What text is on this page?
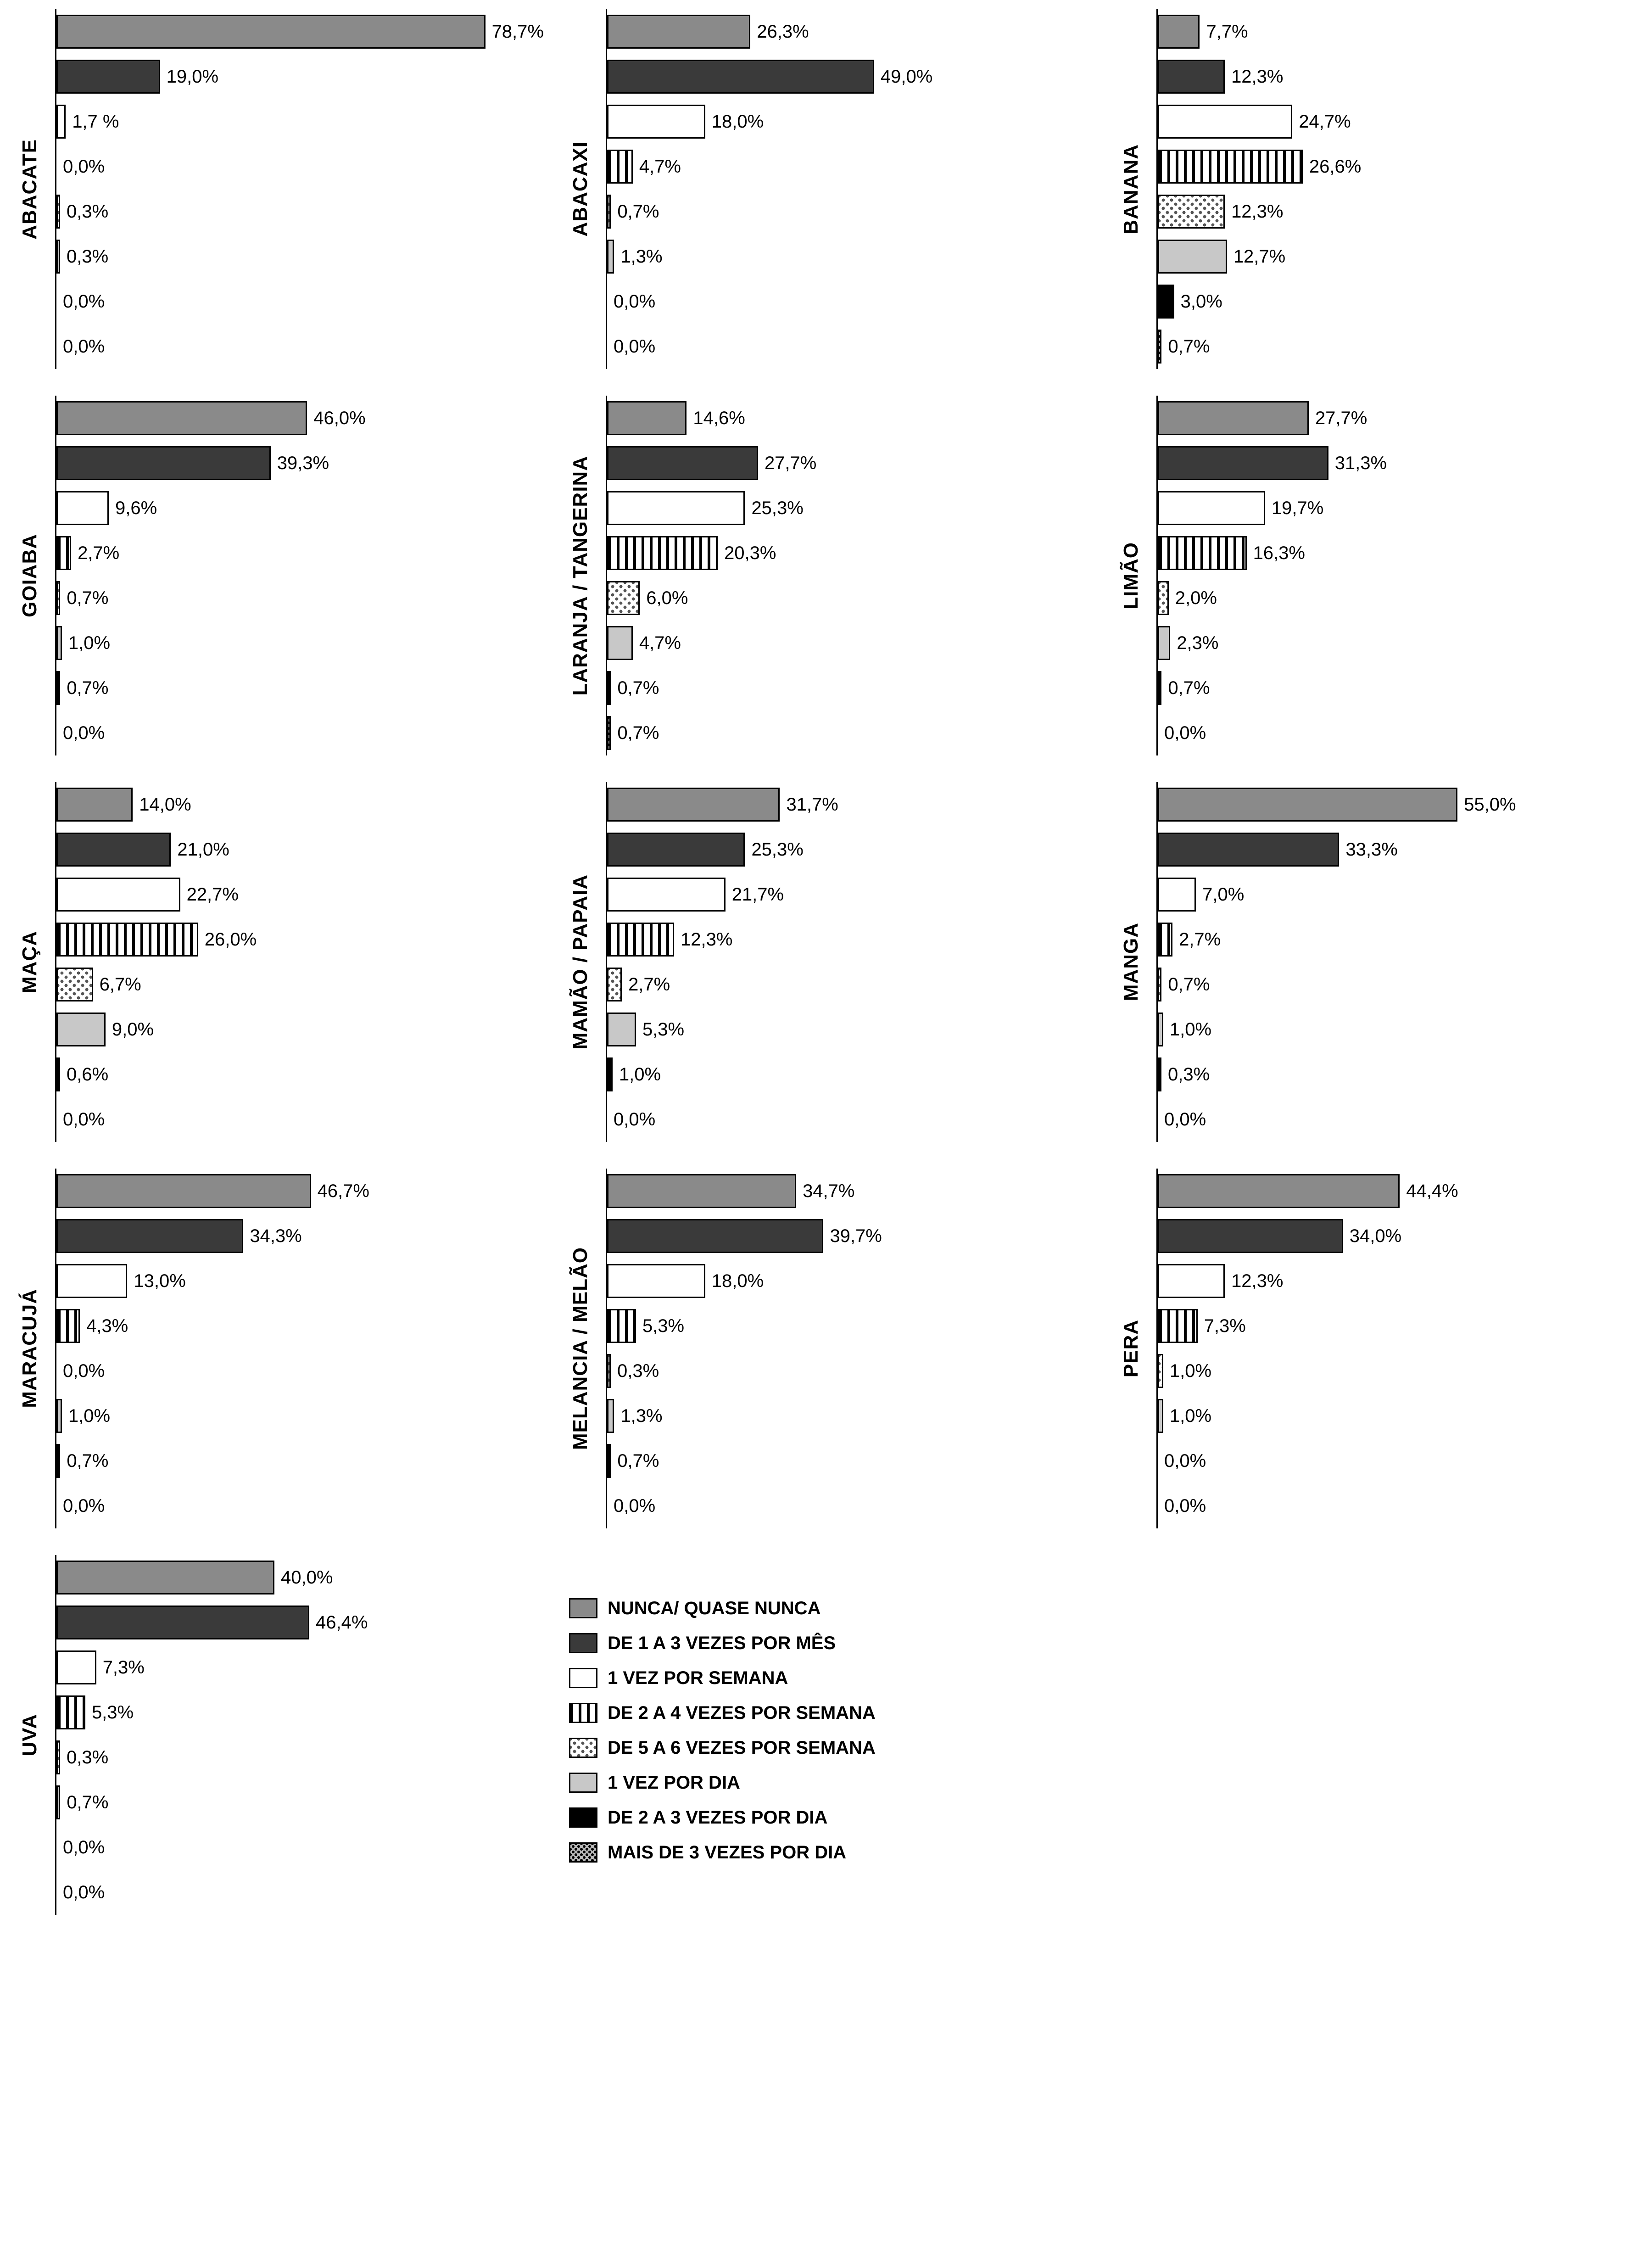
ABACATE
78,7%
19,0%
1,7 %
0,0%
0,3%
0,3%
0,0%
0,0%
ABACAXI
26,3%
49,0%
18,0%
4,7%
0,7%
1,3%
0,0%
0,0%
BANANA
7,7%
12,3%
24,7%
26,6%
12,3%
12,7%
3,0%
0,7%
GOIABA
46,0%
39,3%
9,6%
2,7%
0,7%
1,0%
0,7%
0,0%
LARANJA / TANGERINA
14,6%
27,7%
25,3%
20,3%
6,0%
4,7%
0,7%
0,7%
LIMÃO
27,7%
31,3%
19,7%
16,3%
2,0%
2,3%
0,7%
0,0%
MAÇA
14,0%
21,0%
22,7%
26,0%
6,7%
9,0%
0,6%
0,0%
MAMÃO / PAPAIA
31,7%
25,3%
21,7%
12,3%
2,7%
5,3%
1,0%
0,0%
MANGA
55,0%
33,3%
7,0%
2,7%
0,7%
1,0%
0,3%
0,0%
MARACUJÁ
46,7%
34,3%
13,0%
4,3%
0,0%
1,0%
0,7%
0,0%
MELANCIA / MELÃO
34,7%
39,7%
18,0%
5,3%
0,3%
1,3%
0,7%
0,0%
PERA
44,4%
34,0%
12,3%
7,3%
1,0%
1,0%
0,0%
0,0%
UVA
40,0%
46,4%
7,3%
5,3%
0,3%
0,7%
0,0%
0,0%
NUNCA/ QUASE NUNCA
DE 1 A 3 VEZES POR MÊS
1 VEZ POR SEMANA
DE 2 A 4 VEZES POR SEMANA
DE 5 A 6 VEZES POR SEMANA
1 VEZ POR DIA
DE 2 A 3 VEZES POR DIA
MAIS DE 3 VEZES POR DIA
